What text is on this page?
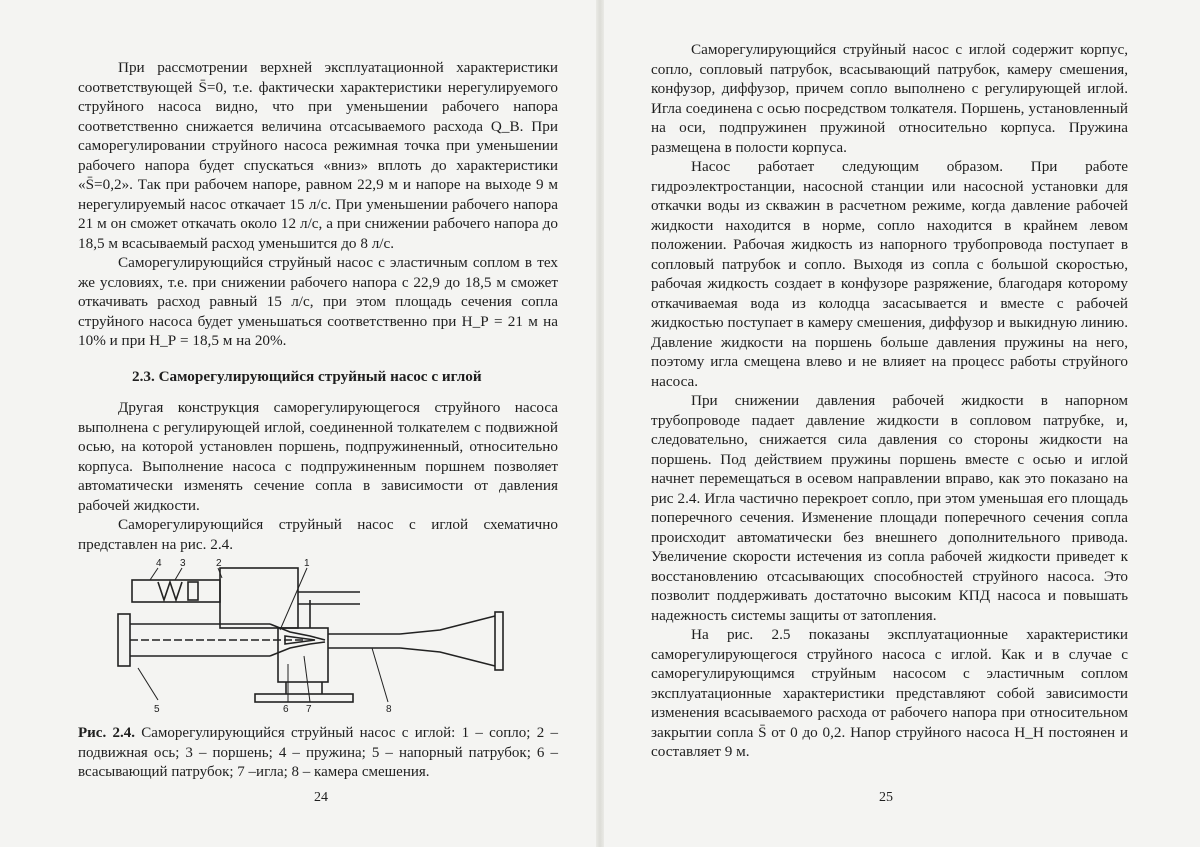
При рассмотрении верхней эксплуатационной характеристики соответствующей S̄=0, т.е. фактически характеристики нерегулируемого струйного насоса видно, что при уменьшении рабочего напора соответственно снижается величина отсасываемого расхода Q_В. При саморегулировании струйного насоса режимная точка при уменьшении рабочего напора будет спускаться «вниз» вплоть до характеристики «S̄=0,2». Так при рабочем напоре, равном 22,9 м и напоре на выходе 9 м нерегулируемый насос откачает 15 л/с. При уменьшении рабочего напора 21 м он сможет откачать около 12 л/с, а при снижении рабочего напора до 18,5 м всасываемый расход уменьшится до 8 л/с.

Саморегулирующийся струйный насос с эластичным соплом в тех же условиях, т.е. при снижении рабочего напора с 22,9 до 18,5 м сможет откачивать расход равный 15 л/с, при этом площадь сечения сопла струйного насоса будет уменьшаться соответственно при H_Р = 21 м на 10% и при H_Р = 18,5 м на 20%.

2.3. Саморегулирующийся струйный насос с иглой

Другая конструкция саморегулирующегося струйного насоса выполнена с регулирующей иглой, соединенной толкателем с подвижной осью, на которой установлен поршень, подпружиненный, относительно корпуса. Выполнение насоса с подпружиненным поршнем позволяет автоматически изменять сечение сопла в зависимости от давления рабочей жидкости.

Саморегулирующийся струйный насос с иглой схематично представлен на рис. 2.4.

4 3	2	1
5	6 7	8
Рис. 2.4. Саморегулирующийся струйный насос с иглой: 1 – сопло; 2 – подвижная ось; 3 – поршень; 4 – пружина; 5 – напорный патрубок; 6 – всасывающий патрубок; 7 –игла; 8 – камера смешения.
24

Саморегулирующийся струйный насос с иглой содержит корпус, сопло, сопловый патрубок, всасывающий патрубок, камеру смешения, конфузор, диффузор, причем сопло выполнено с регулирующей иглой. Игла соединена с осью посредством толкателя. Поршень, установленный на оси, подпружинен пружиной относительно корпуса. Пружина размещена в полости корпуса.

Насос работает следующим образом. При работе гидроэлектростанции, насосной станции или насосной установки для откачки воды из скважин в расчетном режиме, когда давление рабочей жидкости находится в норме, сопло находится в крайнем левом положении. Рабочая жидкость из напорного трубопровода поступает в сопловый патрубок и сопло. Выходя из сопла с большой скоростью, рабочая жидкость создает в конфузоре разряжение, благодаря которому откачиваемая вода из колодца засасывается и вместе с рабочей жидкостью поступает в камеру смешения, диффузор и выкидную линию. Давление жидкости на поршень больше давления пружины на него, поэтому игла смещена влево и не влияет на процесс работы струйного насоса.

При снижении давления рабочей жидкости в напорном трубопроводе падает давление жидкости в сопловом патрубке, и, следовательно, снижается сила давления со стороны жидкости на поршень. Под действием пружины поршень вместе с осью и иглой начнет перемещаться в осевом направлении вправо, как это показано на рис 2.4. Игла частично перекроет сопло, при этом уменьшая его площадь поперечного сечения. Изменение площади поперечного сечения сопла происходит автоматически без внешнего дополнительного привода. Увеличение скорости истечения из сопла рабочей жидкости приведет к восстановлению отсасывающих способностей струйного насоса. Это позволит поддерживать достаточно высоким КПД насоса и повышать надежность системы защиты от затопления.

На рис. 2.5 показаны эксплуатационные характеристики саморегулирующегося струйного насоса с иглой. Как и в случае с саморегулирующимся струйным насосом с эластичным соплом эксплуатационные характеристики представляют собой зависимости изменения всасываемого расхода от рабочего напора при относительном закрытии сопла S̄ от 0 до 0,2. Напор струйного насоса H_Н постоянен и составляет 9 м.

25
